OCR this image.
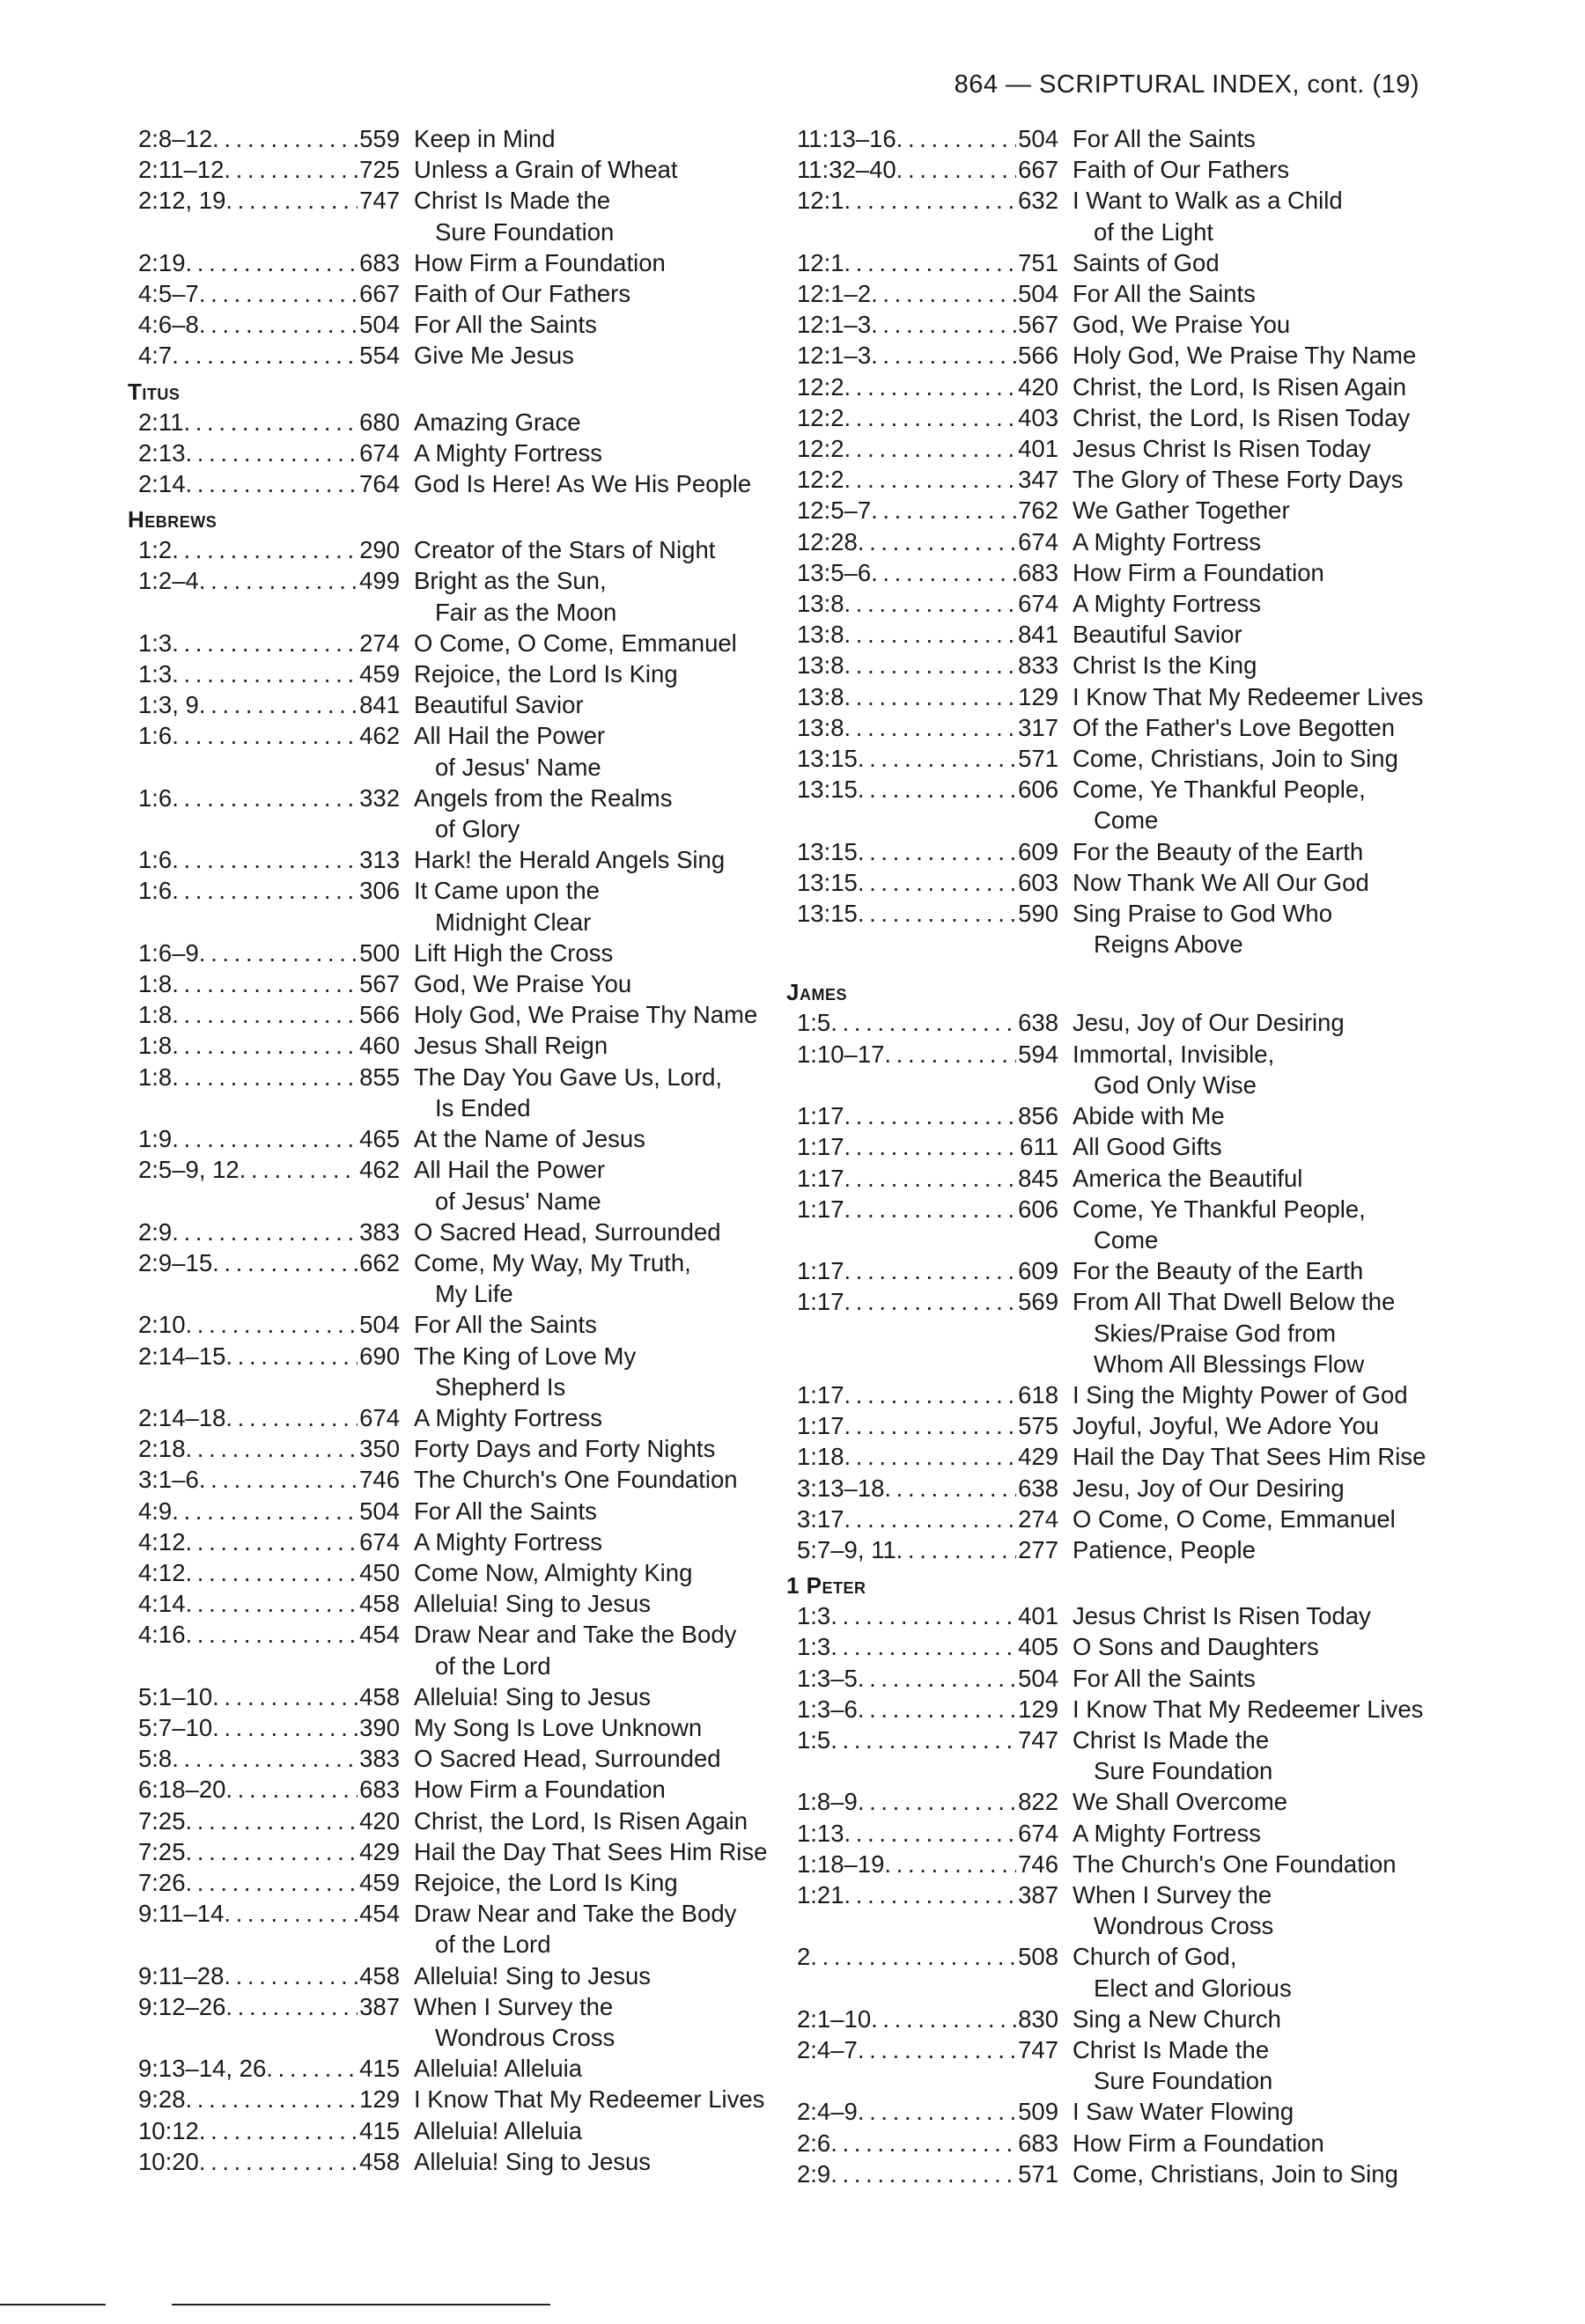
864 — SCRIPTURAL INDEX, cont. (19)
2:8–12 . . .	559 Keep in Mind
2:11–12 . . .	725 Unless a Grain of Wheat
2:12, 19 . . .	747 Christ Is Made the
Sure Foundation
2:19 . . .	683 How Firm a Foundation
4:5–7 . . .	667 Faith of Our Fathers
4:6–8 . . .	504 For All the Saints
4:7 . . .	554 Give Me Jesus
Titus
2:11 . . .	680 Amazing Grace
2:13 . . .	674 A Mighty Fortress
2:14 . . .	764 God Is Here! As We His People
Hebrews
1:2 . . .	290 Creator of the Stars of Night
1:2–4 . . .	499 Bright as the Sun,
Fair as the Moon
1:3 . . .	274 O Come, O Come, Emmanuel
1:3 . . .	459 Rejoice, the Lord Is King
1:3, 9 . . .	841 Beautiful Savior
1:6 . . .	462 All Hail the Power
of Jesus' Name
1:6 . . .	332 Angels from the Realms
of Glory
1:6 . . .	313 Hark! the Herald Angels Sing
1:6 . . .	306 It Came upon the
Midnight Clear
1:6–9 . . .	500 Lift High the Cross
1:8 . . .	567 God, We Praise You
1:8 . . .	566 Holy God, We Praise Thy Name
1:8 . . .	460 Jesus Shall Reign
1:8 . . .	855 The Day You Gave Us, Lord,
Is Ended
1:9 . . .	465 At the Name of Jesus
2:5–9, 12 . . .	462 All Hail the Power
of Jesus' Name
2:9 . . .	383 O Sacred Head, Surrounded
2:9–15 . . .	662 Come, My Way, My Truth,
My Life
2:10 . . .	504 For All the Saints
2:14–15 . . .	690 The King of Love My
Shepherd Is
2:14–18 . . .	674 A Mighty Fortress
2:18 . . .	350 Forty Days and Forty Nights
3:1–6 . . .	746 The Church's One Foundation
4:9 . . .	504 For All the Saints
4:12 . . .	674 A Mighty Fortress
4:12 . . .	450 Come Now, Almighty King
4:14 . . .	458 Alleluia! Sing to Jesus
4:16 . . .	454 Draw Near and Take the Body
of the Lord
5:1–10 . . .	458 Alleluia! Sing to Jesus
5:7–10 . . .	390 My Song Is Love Unknown
5:8 . . .	383 O Sacred Head, Surrounded
6:18–20 . . .	683 How Firm a Foundation
7:25 . . .	420 Christ, the Lord, Is Risen Again
7:25 . . .	429 Hail the Day That Sees Him Rise
7:26 . . .	459 Rejoice, the Lord Is King
9:11–14 . . .	454 Draw Near and Take the Body
of the Lord
9:11–28 . . .	458 Alleluia! Sing to Jesus
9:12–26 . . .	387 When I Survey the
Wondrous Cross
9:13–14, 26 . . .	415 Alleluia! Alleluia
9:28 . . .	129 I Know That My Redeemer Lives
10:12 . . .	415 Alleluia! Alleluia
10:20 . . .	458 Alleluia! Sing to Jesus
11:13–16 . . .	504 For All the Saints
11:32–40 . . .	667 Faith of Our Fathers
12:1 . . .	632 I Want to Walk as a Child
of the Light
12:1 . . .	751 Saints of God
12:1–2 . . .	504 For All the Saints
12:1–3 . . .	567 God, We Praise You
12:1–3 . . .	566 Holy God, We Praise Thy Name
12:2 . . .	420 Christ, the Lord, Is Risen Again
12:2 . . .	403 Christ, the Lord, Is Risen Today
12:2 . . .	401 Jesus Christ Is Risen Today
12:2 . . .	347 The Glory of These Forty Days
12:5–7 . . .	762 We Gather Together
12:28 . . .	674 A Mighty Fortress
13:5–6 . . .	683 How Firm a Foundation
13:8 . . .	674 A Mighty Fortress
13:8 . . .	841 Beautiful Savior
13:8 . . .	833 Christ Is the King
13:8 . . .	129 I Know That My Redeemer Lives
13:8 . . .	317 Of the Father's Love Begotten
13:15 . . .	571 Come, Christians, Join to Sing
13:15 . . .	606 Come, Ye Thankful People,
Come
13:15 . . .	609 For the Beauty of the Earth
13:15 . . .	603 Now Thank We All Our God
13:15 . . .	590 Sing Praise to God Who
Reigns Above
James
1:5 . . .	638 Jesu, Joy of Our Desiring
1:10–17 . . .	594 Immortal, Invisible,
God Only Wise
1:17 . . .	856 Abide with Me
1:17 . . .	611 All Good Gifts
1:17 . . .	845 America the Beautiful
1:17 . . .	606 Come, Ye Thankful People,
Come
1:17 . . .	609 For the Beauty of the Earth
1:17 . . .	569 From All That Dwell Below the
Skies/Praise God from
Whom All Blessings Flow
1:17 . . .	618 I Sing the Mighty Power of God
1:17 . . .	575 Joyful, Joyful, We Adore You
1:18 . . .	429 Hail the Day That Sees Him Rise
3:13–18 . . .	638 Jesu, Joy of Our Desiring
3:17 . . .	274 O Come, O Come, Emmanuel
5:7–9, 11 . . .	277 Patience, People
1 Peter
1:3 . . .	401 Jesus Christ Is Risen Today
1:3 . . .	405 O Sons and Daughters
1:3–5 . . .	504 For All the Saints
1:3–6 . . .	129 I Know That My Redeemer Lives
1:5 . . .	747 Christ Is Made the
Sure Foundation
1:8–9 . . .	822 We Shall Overcome
1:13 . . .	674 A Mighty Fortress
1:18–19 . . .	746 The Church's One Foundation
1:21 . . .	387 When I Survey the
Wondrous Cross
2 . . .	508 Church of God,
Elect and Glorious
2:1–10 . . .	830 Sing a New Church
2:4–7 . . .	747 Christ Is Made the
Sure Foundation
2:4–9 . . .	509 I Saw Water Flowing
2:6 . . .	683 How Firm a Foundation
2:9 . . .	571 Come, Christians, Join to Sing
